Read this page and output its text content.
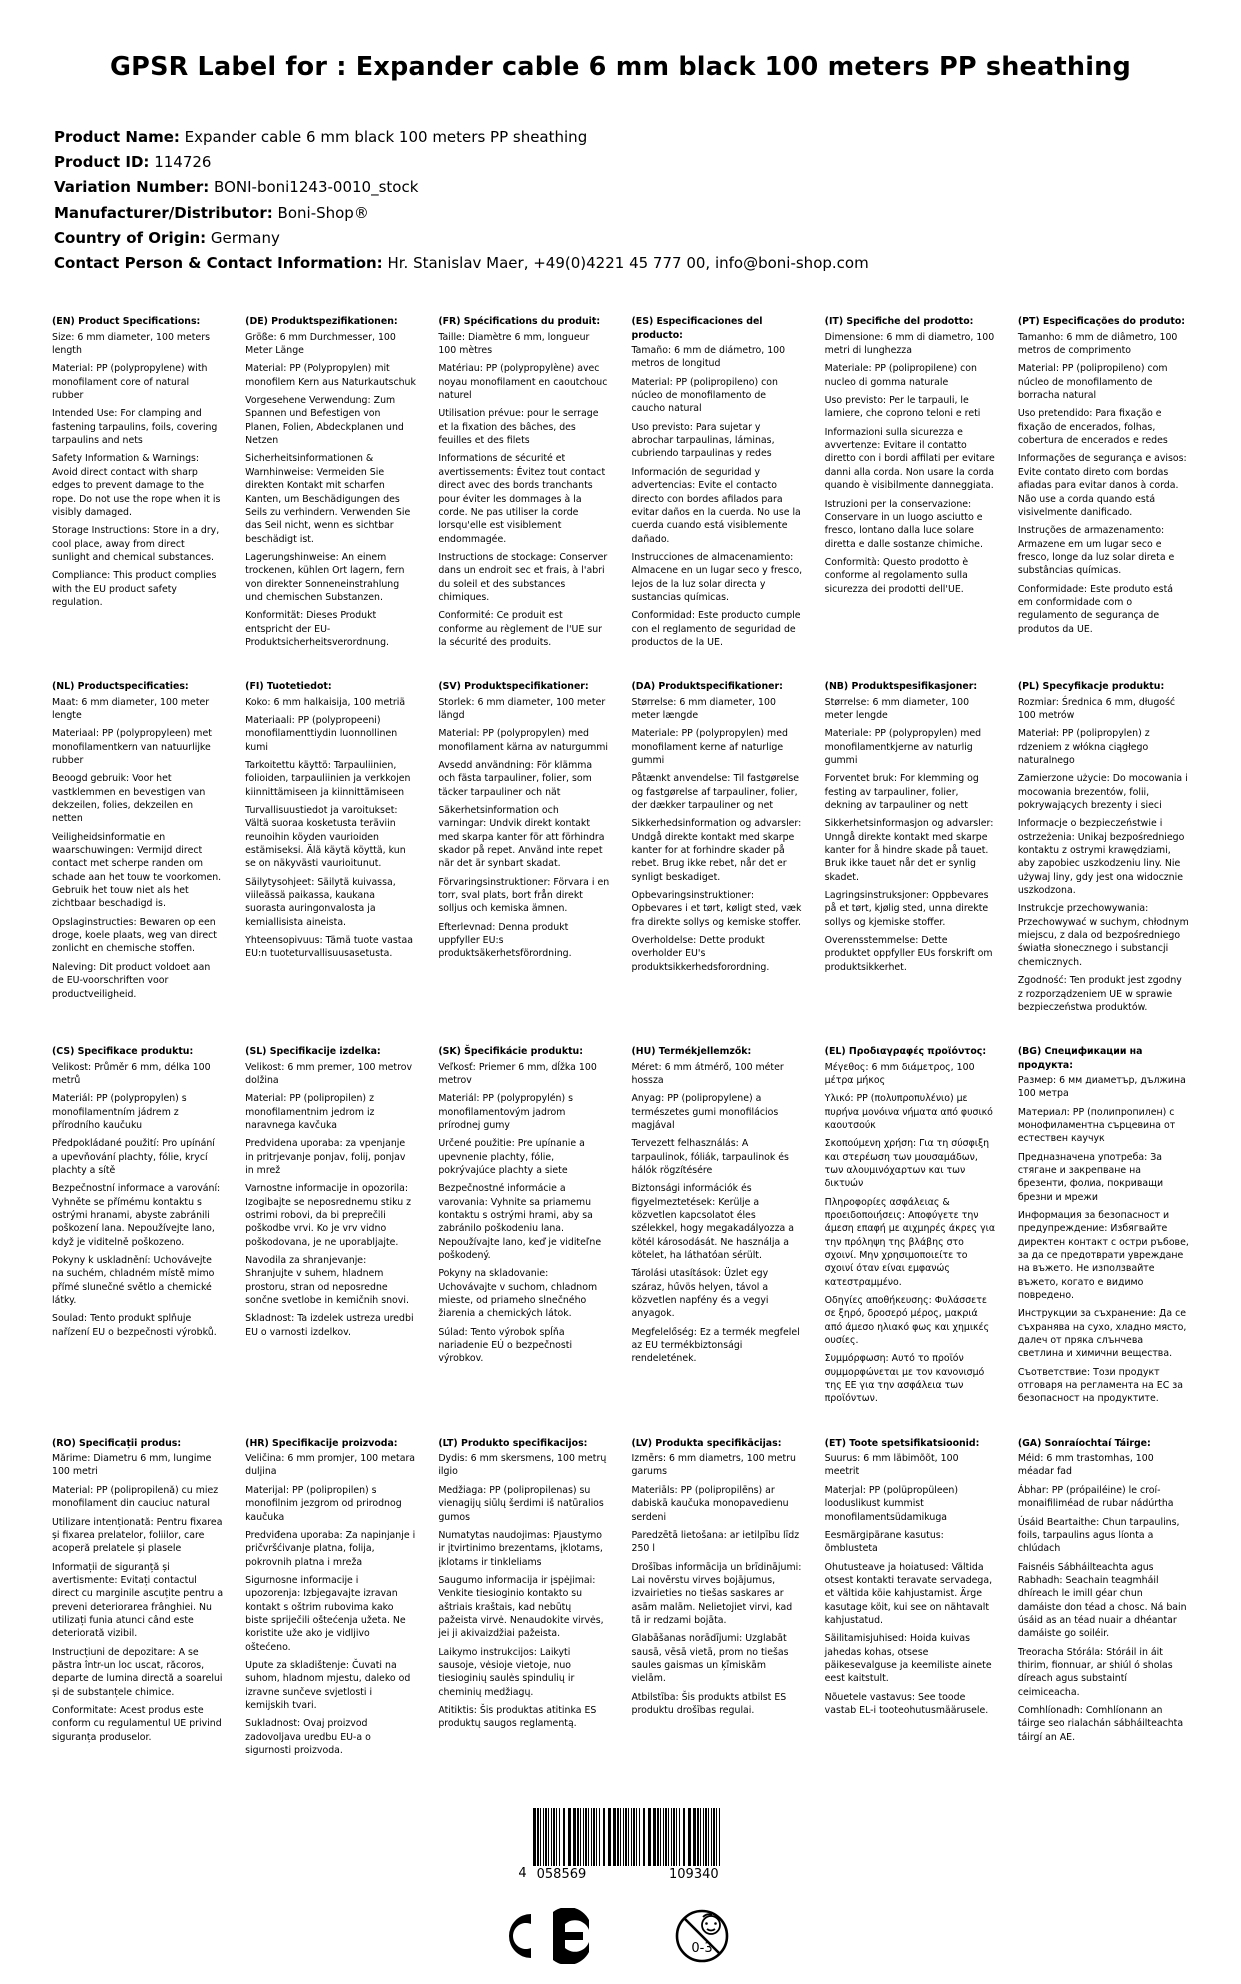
GPSR Label for : Expander cable 6 mm black 100 meters PP sheathing
Product Name: Expander cable 6 mm black 100 meters PP sheathing
Product ID: 114726
Variation Number: BONI-boni1243-0010_stock
Manufacturer/Distributor: Boni-Shop®
Country of Origin: Germany
Contact Person & Contact Information: Hr. Stanislav Maer, +49(0)4221 45 777 00, info@boni-shop.com
(EN) Product Specifications:

Size: 6 mm diameter, 100 meters length

Material: PP (polypropylene) with monofilament core of natural rubber

Intended Use: For clamping and fastening tarpaulins, foils, covering tarpaulins and nets

Safety Information & Warnings: Avoid direct contact with sharp edges to prevent damage to the rope. Do not use the rope when it is visibly damaged.

Storage Instructions: Store in a dry, cool place, away from direct sunlight and chemical substances.

Compliance: This product complies with the EU product safety regulation.

(DE) Produktspezifikationen:

Größe: 6 mm Durchmesser, 100 Meter Länge

Material: PP (Polypropylen) mit monofilem Kern aus Naturkautschuk

Vorgesehene Verwendung: Zum Spannen und Befestigen von Planen, Folien, Abdeckplanen und Netzen

Sicherheitsinformationen & Warnhinweise: Vermeiden Sie direkten Kontakt mit scharfen Kanten, um Beschädigungen des Seils zu verhindern. Verwenden Sie das Seil nicht, wenn es sichtbar beschädigt ist.

Lagerungshinweise: An einem trockenen, kühlen Ort lagern, fern von direkter Sonneneinstrahlung und chemischen Substanzen.

Konformität: Dieses Produkt entspricht der EU-Produktsicherheitsverordnung.

(FR) Spécifications du produit:

Taille: Diamètre 6 mm, longueur 100 mètres

Matériau: PP (polypropylène) avec noyau monofilament en caoutchouc naturel

Utilisation prévue: pour le serrage et la fixation des bâches, des feuilles et des filets

Informations de sécurité et avertissements: Évitez tout contact direct avec des bords tranchants pour éviter les dommages à la corde. Ne pas utiliser la corde lorsqu'elle est visiblement endommagée.

Instructions de stockage: Conserver dans un endroit sec et frais, à l'abri du soleil et des substances chimiques.

Conformité: Ce produit est conforme au règlement de l'UE sur la sécurité des produits.

(ES) Especificaciones del producto:

Tamaño: 6 mm de diámetro, 100 metros de longitud

Material: PP (polipropileno) con núcleo de monofilamento de caucho natural

Uso previsto: Para sujetar y abrochar tarpaulinas, láminas, cubriendo tarpaulinas y redes

Información de seguridad y advertencias: Evite el contacto directo con bordes afilados para evitar daños en la cuerda. No use la cuerda cuando está visiblemente dañado.

Instrucciones de almacenamiento: Almacene en un lugar seco y fresco, lejos de la luz solar directa y sustancias químicas.

Conformidad: Este producto cumple con el reglamento de seguridad de productos de la UE.

(IT) Specifiche del prodotto:

Dimensione: 6 mm di diametro, 100 metri di lunghezza

Materiale: PP (polipropilene) con nucleo di gomma naturale

Uso previsto: Per le tarpauli, le lamiere, che coprono teloni e reti

Informazioni sulla sicurezza e avvertenze: Evitare il contatto diretto con i bordi affilati per evitare danni alla corda. Non usare la corda quando è visibilmente danneggiata.

Istruzioni per la conservazione: Conservare in un luogo asciutto e fresco, lontano dalla luce solare diretta e dalle sostanze chimiche.

Conformità: Questo prodotto è conforme al regolamento sulla sicurezza dei prodotti dell'UE.

(PT) Especificações do produto:

Tamanho: 6 mm de diâmetro, 100 metros de comprimento

Material: PP (polipropileno) com núcleo de monofilamento de borracha natural

Uso pretendido: Para fixação e fixação de encerados, folhas, cobertura de encerados e redes

Informações de segurança e avisos: Evite contato direto com bordas afiadas para evitar danos à corda. Não use a corda quando está visivelmente danificado.

Instruções de armazenamento: Armazene em um lugar seco e fresco, longe da luz solar direta e substâncias químicas.

Conformidade: Este produto está em conformidade com o regulamento de segurança de produtos da UE.

(NL) Productspecificaties:

Maat: 6 mm diameter, 100 meter lengte

Materiaal: PP (polypropyleen) met monofilamentkern van natuurlijke rubber

Beoogd gebruik: Voor het vastklemmen en bevestigen van dekzeilen, folies, dekzeilen en netten

Veiligheidsinformatie en waarschuwingen: Vermijd direct contact met scherpe randen om schade aan het touw te voorkomen. Gebruik het touw niet als het zichtbaar beschadigd is.

Opslaginstructies: Bewaren op een droge, koele plaats, weg van direct zonlicht en chemische stoffen.

Naleving: Dit product voldoet aan de EU-voorschriften voor productveiligheid.

(FI) Tuotetiedot:

Koko: 6 mm halkaisija, 100 metriä

Materiaali: PP (polypropeeni) monofilamenttiydin luonnollinen kumi

Tarkoitettu käyttö: Tarpauliinien, folioiden, tarpauliinien ja verkkojen kiinnittämiseen ja kiinnittämiseen

Turvallisuustiedot ja varoitukset: Vältä suoraa kosketusta teräviin reunoihin köyden vaurioiden estämiseksi. Älä käytä köyttä, kun se on näkyvästi vaurioitunut.

Säilytysohjeet: Säilytä kuivassa, viileässä paikassa, kaukana suorasta auringonvalosta ja kemiallisista aineista.

Yhteensopivuus: Tämä tuote vastaa EU:n tuoteturvallisuusasetusta.

(SV) Produktspecifikationer:

Storlek: 6 mm diameter, 100 meter längd

Material: PP (polypropylen) med monofilament kärna av naturgummi

Avsedd användning: För klämma och fästa tarpauliner, folier, som täcker tarpauliner och nät

Säkerhetsinformation och varningar: Undvik direkt kontakt med skarpa kanter för att förhindra skador på repet. Använd inte repet när det är synbart skadat.

Förvaringsinstruktioner: Förvara i en torr, sval plats, bort från direkt solljus och kemiska ämnen.

Efterlevnad: Denna produkt uppfyller EU:s produktsäkerhetsförordning.

(DA) Produktspecifikationer:

Størrelse: 6 mm diameter, 100 meter længde

Materiale: PP (polypropylen) med monofilament kerne af naturlige gummi

Påtænkt anvendelse: Til fastgørelse og fastgørelse af tarpauliner, folier, der dækker tarpauliner og net

Sikkerhedsinformation og advarsler: Undgå direkte kontakt med skarpe kanter for at forhindre skader på rebet. Brug ikke rebet, når det er synligt beskadiget.

Opbevaringsinstruktioner: Opbevares i et tørt, køligt sted, væk fra direkte sollys og kemiske stoffer.

Overholdelse: Dette produkt overholder EU's produktsikkerhedsforordning.

(NB) Produktspesifikasjoner:

Størrelse: 6 mm diameter, 100 meter lengde

Materiale: PP (polypropylen) med monofilamentkjerne av naturlig gummi

Forventet bruk: For klemming og festing av tarpauliner, folier, dekning av tarpauliner og nett

Sikkerhetsinformasjon og advarsler: Unngå direkte kontakt med skarpe kanter for å hindre skade på tauet. Bruk ikke tauet når det er synlig skadet.

Lagringsinstruksjoner: Oppbevares på et tørt, kjølig sted, unna direkte sollys og kjemiske stoffer.

Overensstemmelse: Dette produktet oppfyller EUs forskrift om produktsikkerhet.

(PL) Specyfikacje produktu:

Rozmiar: Średnica 6 mm, długość 100 metrów

Materiał: PP (polipropylen) z rdzeniem z włókna ciągłego naturalnego

Zamierzone użycie: Do mocowania i mocowania brezentów, folii, pokrywających brezenty i sieci

Informacje o bezpieczeństwie i ostrzeżenia: Unikaj bezpośredniego kontaktu z ostrymi krawędziami, aby zapobiec uszkodzeniu liny. Nie używaj liny, gdy jest ona widocznie uszkodzona.

Instrukcje przechowywania: Przechowywać w suchym, chłodnym miejscu, z dala od bezpośredniego światła słonecznego i substancji chemicznych.

Zgodność: Ten produkt jest zgodny z rozporządzeniem UE w sprawie bezpieczeństwa produktów.

(CS) Specifikace produktu:

Velikost: Průměr 6 mm, délka 100 metrů

Materiál: PP (polypropylen) s monofilamentním jádrem z přírodního kaučuku

Předpokládané použití: Pro upínání a upevňování plachty, fólie, krycí plachty a sítě

Bezpečnostní informace a varování: Vyhněte se přímému kontaktu s ostrými hranami, abyste zabránili poškození lana. Nepoužívejte lano, když je viditelně poškozeno.

Pokyny k uskladnění: Uchovávejte na suchém, chladném místě mimo přímé slunečné světlo a chemické látky.

Soulad: Tento produkt splňuje nařízení EU o bezpečnosti výrobků.

(SL) Specifikacije izdelka:

Velikost: 6 mm premer, 100 metrov dolžina

Material: PP (polipropilen) z monofilamentnim jedrom iz naravnega kavčuka

Predvidena uporaba: za vpenjanje in pritrjevanje ponjav, folij, ponjav in mrež

Varnostne informacije in opozorila: Izogibajte se neposrednemu stiku z ostrimi robovi, da bi preprečili poškodbe vrvi. Ko je vrv vidno poškodovana, je ne uporabljajte.

Navodila za shranjevanje: Shranjujte v suhem, hladnem prostoru, stran od neposredne sončne svetlobe in kemičnih snovi.

Skladnost: Ta izdelek ustreza uredbi EU o varnosti izdelkov.

(SK) Špecifikácie produktu:

Veľkosť: Priemer 6 mm, dĺžka 100 metrov

Materiál: PP (polypropylén) s monofilamentovým jadrom prírodnej gumy

Určené použitie: Pre upínanie a upevnenie plachty, fólie, pokrývajúce plachty a siete

Bezpečnostné informácie a varovania: Vyhnite sa priamemu kontaktu s ostrými hrami, aby sa zabránilo poškodeniu lana. Nepoužívajte lano, keď je viditeľne poškodený.

Pokyny na skladovanie: Uchovávajte v suchom, chladnom mieste, od priameho slnečného žiarenia a chemických látok.

Súlad: Tento výrobok spĺňa nariadenie EÚ o bezpečnosti výrobkov.

(HU) Termékjellemzők:

Méret: 6 mm átmérő, 100 méter hossza

Anyag: PP (polipropylene) a természetes gumi monofilácios magjával

Tervezett felhasználás: A tarpaulinok, fóliák, tarpaulinok és hálók rögzítésére

Biztonsági információk és figyelmeztetések: Kerülje a közvetlen kapcsolatot éles szélekkel, hogy megakadályozza a kötél károsodását. Ne használja a kötelet, ha láthatóan sérült.

Tárolási utasítások: Üzlet egy száraz, hűvös helyen, távol a közvetlen napfény és a vegyi anyagok.

Megfelelőség: Ez a termék megfelel az EU termékbiztonsági rendeletének.

(EL) Προδιαγραφές προϊόντος:

Μέγεθος: 6 mm διάμετρος, 100 μέτρα μήκος

Υλικό: PP (πολυπροπυλένιο) με πυρήνα μονόινα νήματα από φυσικό καουτσούκ

Σκοπούμενη χρήση: Για τη σύσφιξη και στερέωση των μουσαμάδων, των αλουμινόχαρτων και των δικτυών

Πληροφορίες ασφάλειας & προειδοποιήσεις: Αποφύγετε την άμεση επαφή με αιχμηρές άκρες για την πρόληψη της βλάβης στο σχοινί. Μην χρησιμοποιείτε το σχοινί όταν είναι εμφανώς κατεστραμμένο.

Οδηγίες αποθήκευσης: Φυλάσσετε σε ξηρό, δροσερό μέρος, μακριά από άμεσο ηλιακό φως και χημικές ουσίες.

Συμμόρφωση: Αυτό το προϊόν συμμορφώνεται με τον κανονισμό της ΕΕ για την ασφάλεια των προϊόντων.

(BG) Спецификации на продукта:

Размер: 6 мм диаметър, дължина 100 метра

Материал: PP (полипропилен) с монофиламентна сърцевина от естествен каучук

Предназначена употреба: За стягане и закрепване на брезенти, фолиа, покриващи брезни и мрежи

Информация за безопасност и предупреждение: Избягвайте директен контакт с остри ръбове, за да се предотврати увреждане на въжето. Не използвайте въжето, когато е видимо повредено.

Инструкции за съхранение: Да се съхранява на сухо, хладно място, далеч от пряка слънчева светлина и химични вещества.

Съответствие: Този продукт отговаря на регламента на ЕС за безопасност на продуктите.

(RO) Specificații produs:

Mărime: Diametru 6 mm, lungime 100 metri

Material: PP (polipropilenă) cu miez monofilament din cauciuc natural

Utilizare intenționată: Pentru fixarea și fixarea prelatelor, foliilor, care acoperă prelatele și plasele

Informații de siguranță și avertismente: Evitați contactul direct cu marginile ascuțite pentru a preveni deteriorarea frânghiei. Nu utilizați funia atunci când este deteriorată vizibil.

Instrucțiuni de depozitare: A se păstra într-un loc uscat, răcoros, departe de lumina directă a soarelui și de substanțele chimice.

Conformitate: Acest produs este conform cu regulamentul UE privind siguranța produselor.

(HR) Specifikacije proizvoda:

Veličina: 6 mm promjer, 100 metara duljina

Materijal: PP (polipropilen) s monofilnim jezgrom od prirodnog kaučuka

Predviđena uporaba: Za napinjanje i pričvršćivanje platna, folija, pokrovnih platna i mreža

Sigurnosne informacije i upozorenja: Izbjegavajte izravan kontakt s oštrim rubovima kako biste spriječili oštećenja užeta. Ne koristite uže ako je vidljivo oštećeno.

Upute za skladištenje: Čuvati na suhom, hladnom mjestu, daleko od izravne sunčeve svjetlosti i kemijskih tvari.

Sukladnost: Ovaj proizvod zadovoljava uredbu EU-a o sigurnosti proizvoda.

(LT) Produkto specifikacijos:

Dydis: 6 mm skersmens, 100 metrų ilgio

Medžiaga: PP (polipropilenas) su vienagijų siūlų šerdimi iš natūralios gumos

Numatytas naudojimas: Pjaustymo ir įtvirtinimo brezentams, įklotams, įklotams ir tinkleliams

Saugumo informacija ir įspėjimai: Venkite tiesioginio kontakto su aštriais kraštais, kad nebūtų pažeista virvė. Nenaudokite virvės, jei ji akivaizdžiai pažeista.

Laikymo instrukcijos: Laikyti sausoje, vėsioje vietoje, nuo tiesioginių saulės spindulių ir cheminių medžiagų.

Atitiktis: Šis produktas atitinka ES produktų saugos reglamentą.

(LV) Produkta specifikācijas:

Izmērs: 6 mm diametrs, 100 metru garums

Materiāls: PP (polipropilēns) ar dabiskā kaučuka monopavedienu serdeni

Paredzētā lietošana: ar ietilpību līdz 250 l

Drošības informācija un brīdinājumi: Lai novērstu virves bojājumus, izvairieties no tiešas saskares ar asām malām. Nelietojiet virvi, kad tā ir redzami bojāta.

Glabāšanas norādījumi: Uzglabāt sausā, vēsā vietā, prom no tiešas saules gaismas un ķīmiskām vielām.

Atbilstība: Šis produkts atbilst ES produktu drošības regulai.

(ET) Toote spetsifikatsioonid:

Suurus: 6 mm läbimõõt, 100 meetrit

Materjal: PP (polüpropüleen) looduslikust kummist monofilamentsüdamikuga

Eesmärgipärane kasutus: õmblusteta

Ohutusteave ja hoiatused: Vältida otsest kontakti teravate servadega, et vältida köie kahjustamist. Ärge kasutage köit, kui see on nähtavalt kahjustatud.

Säilitamisjuhised: Hoida kuivas jahedas kohas, otsese päikesevalguse ja keemiliste ainete eest kaitstult.

Nõuetele vastavus: See toode vastab EL-i tooteohutusmäärusele.

(GA) Sonraíochtaí Táirge:

Méid: 6 mm trastomhas, 100 méadar fad

Ábhar: PP (própailéine) le croí-monaifiliméad de rubar nádúrtha

Úsáid Beartaithe: Chun tarpaulins, foils, tarpaulins agus líonta a chlúdach

Faisnéis Sábháilteachta agus Rabhadh: Seachain teagmháil dhíreach le imill géar chun damáiste don téad a chosc. Ná bain úsáid as an téad nuair a dhéantar damáiste go soiléir.

Treoracha Stórála: Stóráil in áit thirim, fionnuar, ar shiúl ó sholas díreach agus substaintí ceimiceacha.

Comhlíonadh: Comhlíonann an táirge seo rialachán sábháilteachta táirgí an AE.

4 058569	109340
0-3
